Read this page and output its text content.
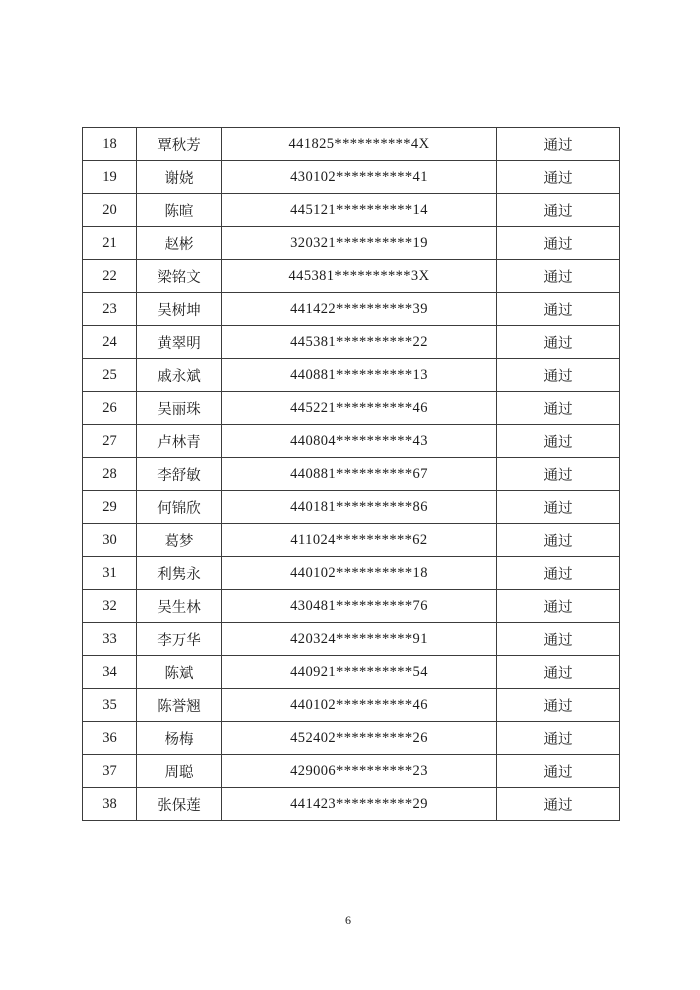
18	覃秋芳	441825**********4X	通过
19	谢娆	430102**********41	通过
20	陈暄	445121**********14	通过
21	赵彬	320321**********19	通过
22	梁铭文	445381**********3X	通过
23	吴树坤	441422**********39	通过
24	黄翠明	445381**********22	通过
25	戚永斌	440881**********13	通过
26	吴丽珠	445221**********46	通过
27	卢林青	440804**********43	通过
28	李舒敏	440881**********67	通过
29	何锦欣	440181**********86	通过
30	葛梦	411024**********62	通过
31	利隽永	440102**********18	通过
32	吴生林	430481**********76	通过
33	李万华	420324**********91	通过
34	陈斌	440921**********54	通过
35	陈誉翘	440102**********46	通过
36	杨梅	452402**********26	通过
37	周聪	429006**********23	通过
38	张保莲	441423**********29	通过
6
